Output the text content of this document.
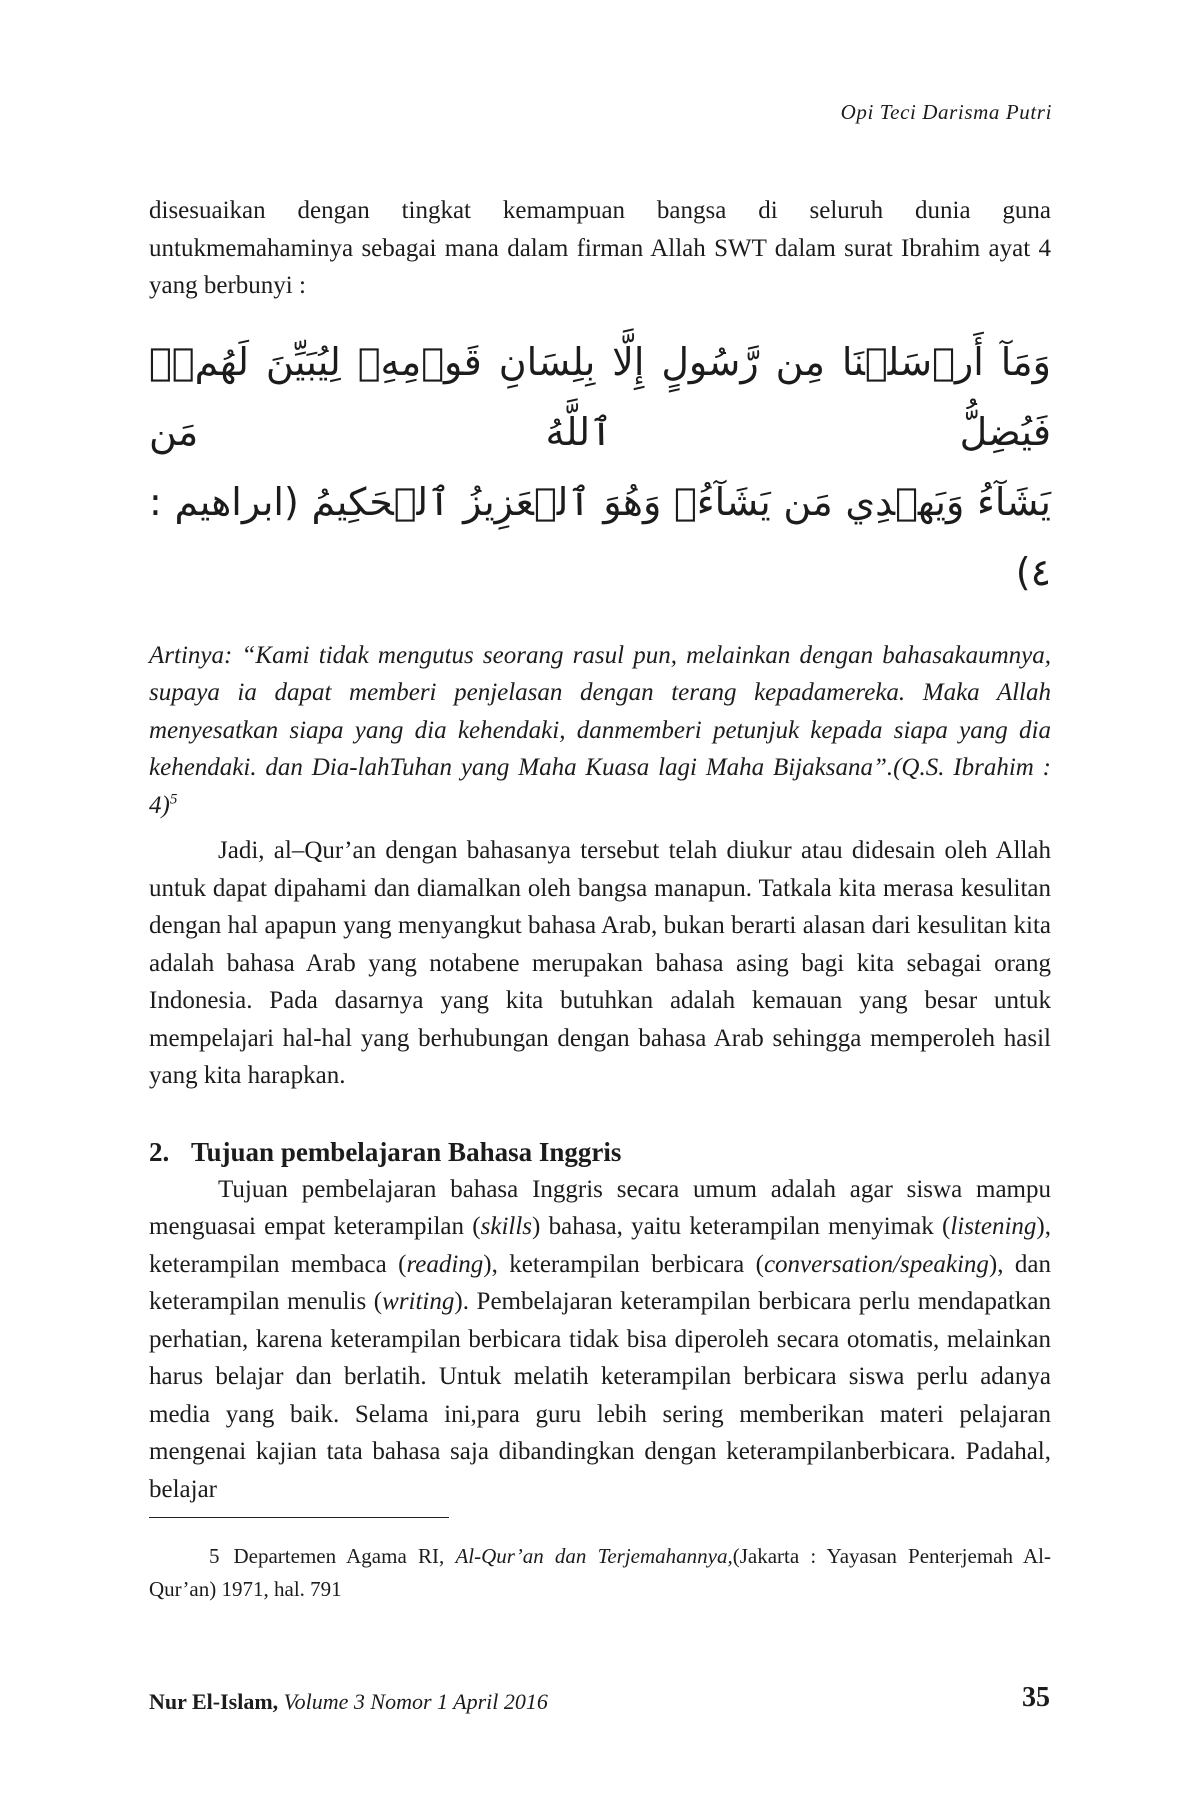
Opi Teci Darisma Putri

disesuaikan dengan tingkat kemampuan bangsa di seluruh dunia guna untukmemahaminya sebagai mana dalam firman Allah SWT dalam surat Ibrahim ayat 4 yang berbunyi :

وَمَآ أَرۡسَلۡنَا مِن رَّسُولٍ إِلَّا بِلِسَانِ قَوۡمِهِۦ لِيُبَيِّنَ لَهُمۡۖ فَيُضِلُّ ٱللَّهُ مَن
يَشَآءُ وَيَهۡدِي مَن يَشَآءُۚ وَهُوَ ٱلۡعَزِيزُ ٱلۡحَكِيمُ (ابراهيم : ٤)

Artinya: “Kami tidak mengutus seorang rasul pun, melainkan dengan bahasakaumnya, supaya ia dapat memberi penjelasan dengan terang kepadamereka. Maka Allah menyesatkan siapa yang dia kehendaki, danmemberi petunjuk kepada siapa yang dia kehendaki. dan Dia-lahTuhan yang Maha Kuasa lagi Maha Bijaksana”.(Q.S. Ibrahim : 4)$^5$

Jadi, al–Qur’an dengan bahasanya tersebut telah diukur atau didesain oleh Allah untuk dapat dipahami dan diamalkan oleh bangsa manapun. Tatkala kita merasa kesulitan dengan hal apapun yang menyangkut bahasa Arab, bukan berarti alasan dari kesulitan kita adalah bahasa Arab yang notabene merupakan bahasa asing bagi kita sebagai orang Indonesia. Pada dasarnya yang kita butuhkan adalah kemauan yang besar untuk mempelajari hal-hal yang berhubungan dengan bahasa Arab sehingga memperoleh hasil yang kita harapkan.

2. Tujuan pembelajaran Bahasa Inggris

Tujuan pembelajaran bahasa Inggris secara umum adalah agar siswa mampu menguasai empat keterampilan (skills) bahasa, yaitu keterampilan menyimak (listening), keterampilan membaca (reading), keterampilan berbicara (conversation/speaking), dan keterampilan menulis (writing). Pembelajaran keterampilan berbicara perlu mendapatkan perhatian, karena keterampilan berbicara tidak bisa diperoleh secara otomatis, melainkan harus belajar dan berlatih. Untuk melatih keterampilan berbicara siswa perlu adanya media yang baik. Selama ini,para guru lebih sering memberikan materi pelajaran mengenai kajian tata bahasa saja dibandingkan dengan keterampilanberbicara. Padahal, belajar

5 Departemen Agama RI, Al-Qur’an dan Terjemahannya,(Jakarta : Yayasan Penterjemah Al-Qur’an) 1971, hal. 791

Nur El-Islam, Volume 3 Nomor 1 April 2016	35
